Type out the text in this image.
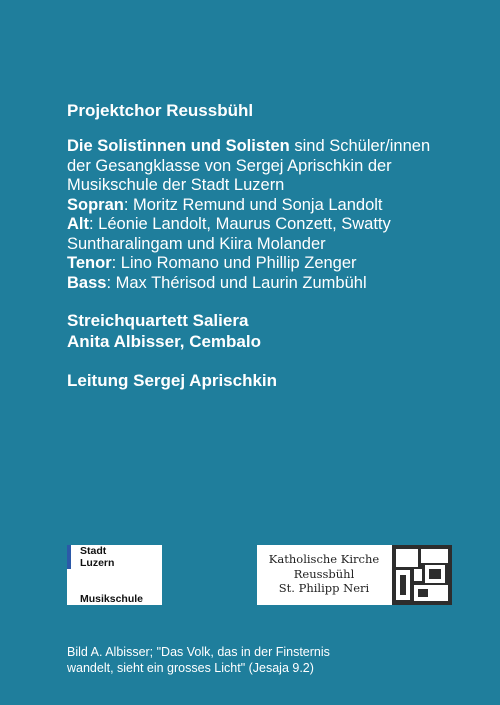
Projektchor Reussbühl
Die Solistinnen und Solisten sind Schüler/innen
der Gesangklasse von Sergej Aprischkin der
Musikschule der Stadt Luzern
Sopran: Moritz Remund und Sonja Landolt
Alt: Léonie Landolt, Maurus Conzett, Swatty
Suntharalingam und Kiira Molander
Tenor: Lino Romano und Phillip Zenger
Bass: Max Thérisod und Laurin Zumbühl
Streichquartett Saliera
Anita Albisser, Cembalo
Leitung Sergej Aprischkin
Stadt
Luzern
Musikschule
Katholische Kirche
Reussbühl
St. Philipp Neri
Bild A. Albisser; "Das Volk, das in der Finsternis
wandelt, sieht ein grosses Licht" (Jesaja 9.2)
